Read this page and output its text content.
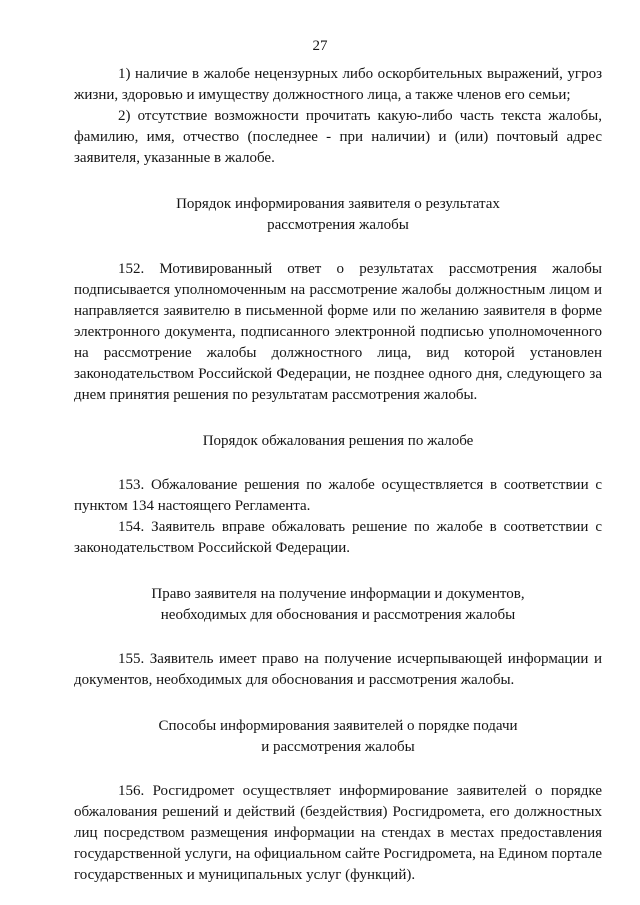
27

1) наличие в жалобе нецензурных либо оскорбительных выражений, угроз жизни, здоровью и имуществу должностного лица, а также членов его семьи;

2) отсутствие возможности прочитать какую-либо часть текста жалобы, фамилию, имя, отчество (последнее - при наличии) и (или) почтовый адрес заявителя, указанные в жалобе.

Порядок информирования заявителя о результатах
рассмотрения жалобы

152. Мотивированный ответ о результатах рассмотрения жалобы подписывается уполномоченным на рассмотрение жалобы должностным лицом и направляется заявителю в письменной форме или по желанию заявителя в форме электронного документа, подписанного электронной подписью уполномоченного на рассмотрение жалобы должностного лица, вид которой установлен законодательством Российской Федерации, не позднее одного дня, следующего за днем принятия решения по результатам рассмотрения жалобы.

Порядок обжалования решения по жалобе

153. Обжалование решения по жалобе осуществляется в соответствии с пунктом 134 настоящего Регламента.

154. Заявитель вправе обжаловать решение по жалобе в соответствии с законодательством Российской Федерации.

Право заявителя на получение информации и документов,
необходимых для обоснования и рассмотрения жалобы

155. Заявитель имеет право на получение исчерпывающей информации и документов, необходимых для обоснования и рассмотрения жалобы.

Способы информирования заявителей о порядке подачи
и рассмотрения жалобы

156. Росгидромет осуществляет информирование заявителей о порядке обжалования решений и действий (бездействия) Росгидромета, его должностных лиц посредством размещения информации на стендах в местах предоставления государственной услуги, на официальном сайте Росгидромета, на Едином портале государственных и муниципальных услуг (функций).
